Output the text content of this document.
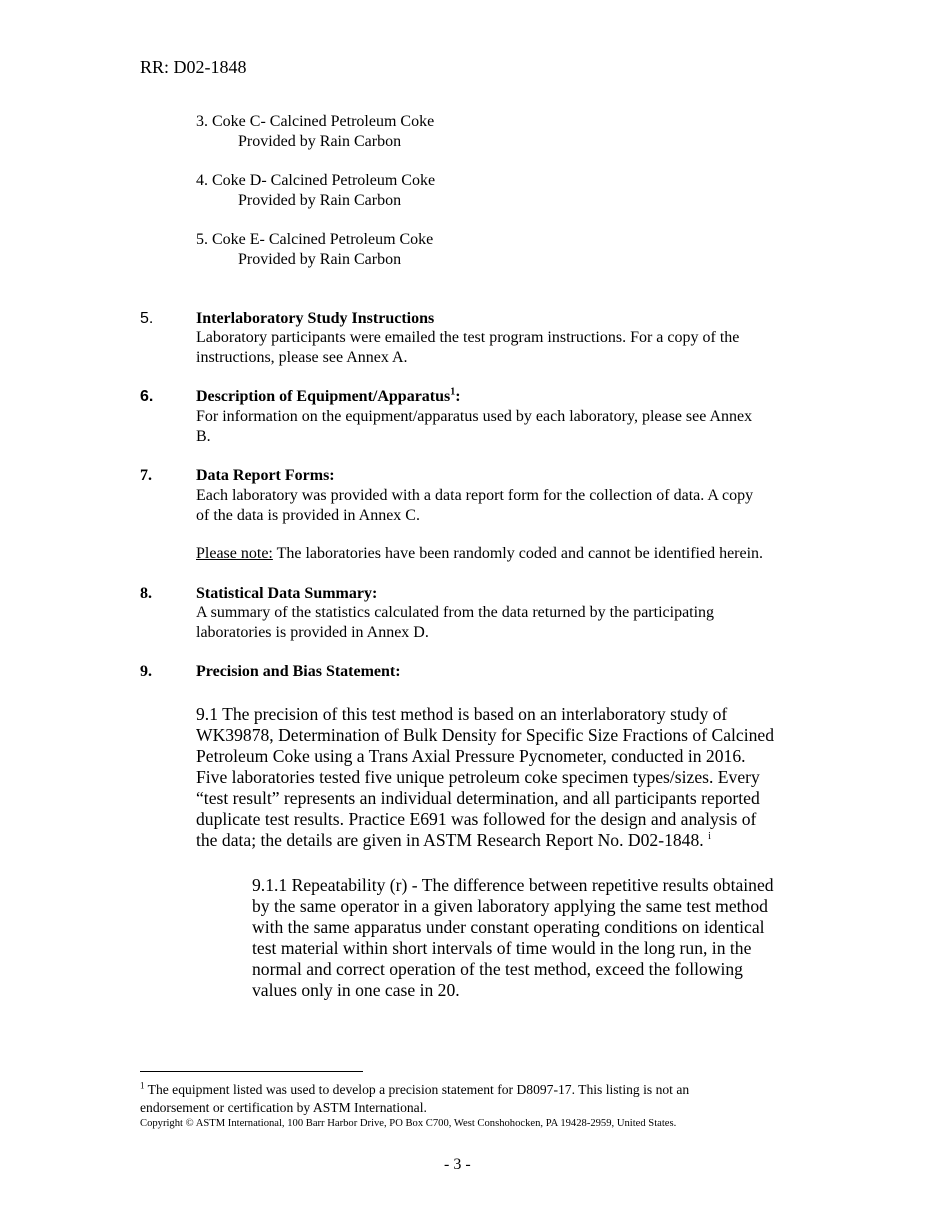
RR: D02-1848
3. Coke C- Calcined Petroleum Coke
Provided by Rain Carbon
4. Coke D- Calcined Petroleum Coke
Provided by Rain Carbon
5. Coke E- Calcined Petroleum Coke
Provided by Rain Carbon
5.	Interlaboratory Study Instructions
Laboratory participants were emailed the test program instructions. For a copy of the
instructions, please see Annex A.
6.	Description of Equipment/Apparatus$^1$:
For information on the equipment/apparatus used by each laboratory, please see Annex
B.
7.	Data Report Forms:
Each laboratory was provided with a data report form for the collection of data. A copy
of the data is provided in Annex C.
Please note: The laboratories have been randomly coded and cannot be identified herein.
8.	Statistical Data Summary:
A summary of the statistics calculated from the data returned by the participating
laboratories is provided in Annex D.
9.	Precision and Bias Statement:
9.1 The precision of this test method is based on an interlaboratory study of
WK39878, Determination of Bulk Density for Specific Size Fractions of Calcined
Petroleum Coke using a Trans Axial Pressure Pycnometer, conducted in 2016.
Five laboratories tested five unique petroleum coke specimen types/sizes. Every
“test result” represents an individual determination, and all participants reported
duplicate test results. Practice E691 was followed for the design and analysis of
the data; the details are given in ASTM Research Report No. D02-1848. $^i$
9.1.1 Repeatability (r) - The difference between repetitive results obtained
by the same operator in a given laboratory applying the same test method
with the same apparatus under constant operating conditions on identical
test material within short intervals of time would in the long run, in the
normal and correct operation of the test method, exceed the following
values only in one case in 20.
$^1$ The equipment listed was used to develop a precision statement for D8097-17. This listing is not an
endorsement or certification by ASTM International.
Copyright © ASTM International, 100 Barr Harbor Drive, PO Box C700, West Conshohocken, PA 19428-2959, United States.
- 3 -
